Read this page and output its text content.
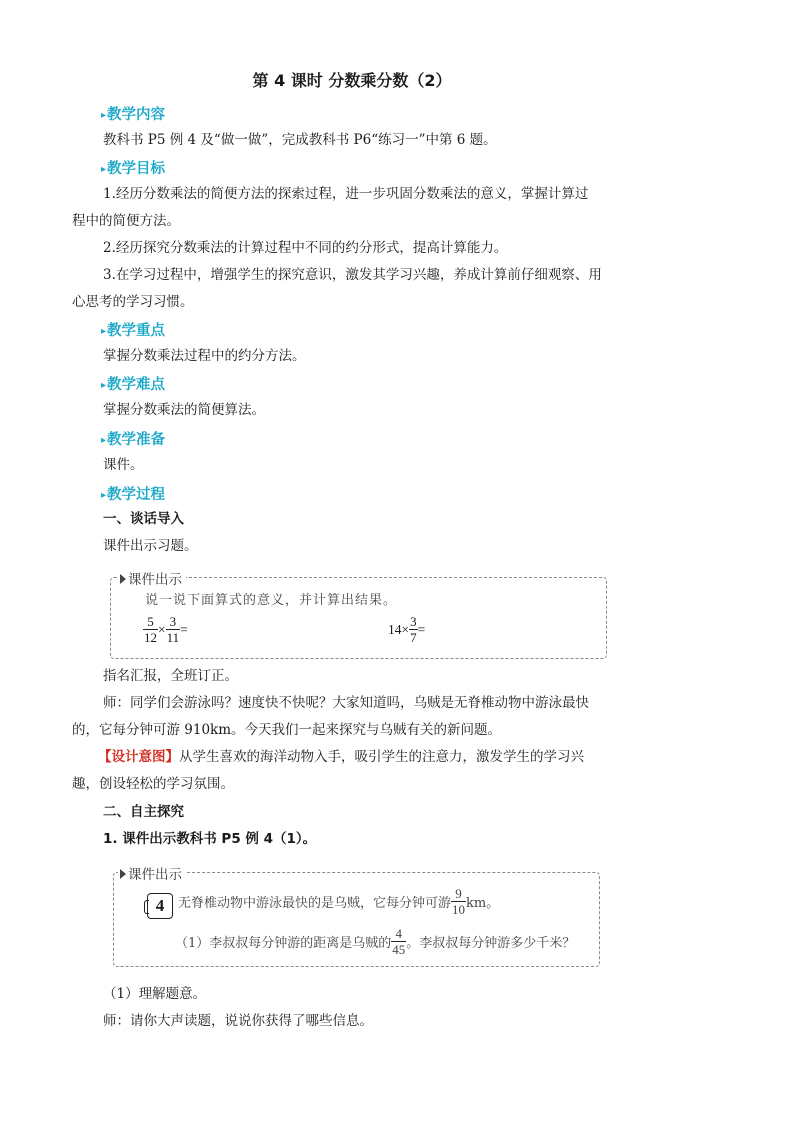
第 4 课时 分数乘分数（2）
▸教学内容
教科书 P5 例 4 及“做一做”，完成教科书 P6“练习一”中第 6 题。
▸教学目标
1.经历分数乘法的简便方法的探索过程，进一步巩固分数乘法的意义，掌握计算过
程中的简便方法。
2.经历探究分数乘法的计算过程中不同的约分形式，提高计算能力。
3.在学习过程中，增强学生的探究意识，激发其学习兴趣，养成计算前仔细观察、用
心思考的学习习惯。
▸教学重点
掌握分数乘法过程中的约分方法。
▸教学难点
掌握分数乘法的简便算法。
▸教学准备
课件。
▸教学过程
一、谈话导入
课件出示习题。
课件出示
说一说下面算式的意义，并计算出结果。
$\frac{5}{12} \times \frac{3}{11}$ =	$14 \times \frac{3}{7}$ =
指名汇报，全班订正。
师：同学们会游泳吗？速度快不快呢？大家知道吗，乌贼是无脊椎动物中游泳最快
的，它每分钟可游 910km。今天我们一起来探究与乌贼有关的新问题。
【设计意图】从学生喜欢的海洋动物入手，吸引学生的注意力，激发学生的学习兴
趣，创设轻松的学习氛围。
二、自主探究
1. 课件出示教科书 P5 例 4（1）。
课件出示
4	无脊椎动物中游泳最快的是乌贼，它每分钟可游 $\frac{9}{10}$ km。
（1）李叔叔每分钟游的距离是乌贼的 $\frac{4}{45}$ 。李叔叔每分钟游多少千米？
（1）理解题意。
师：请你大声读题，说说你获得了哪些信息。
